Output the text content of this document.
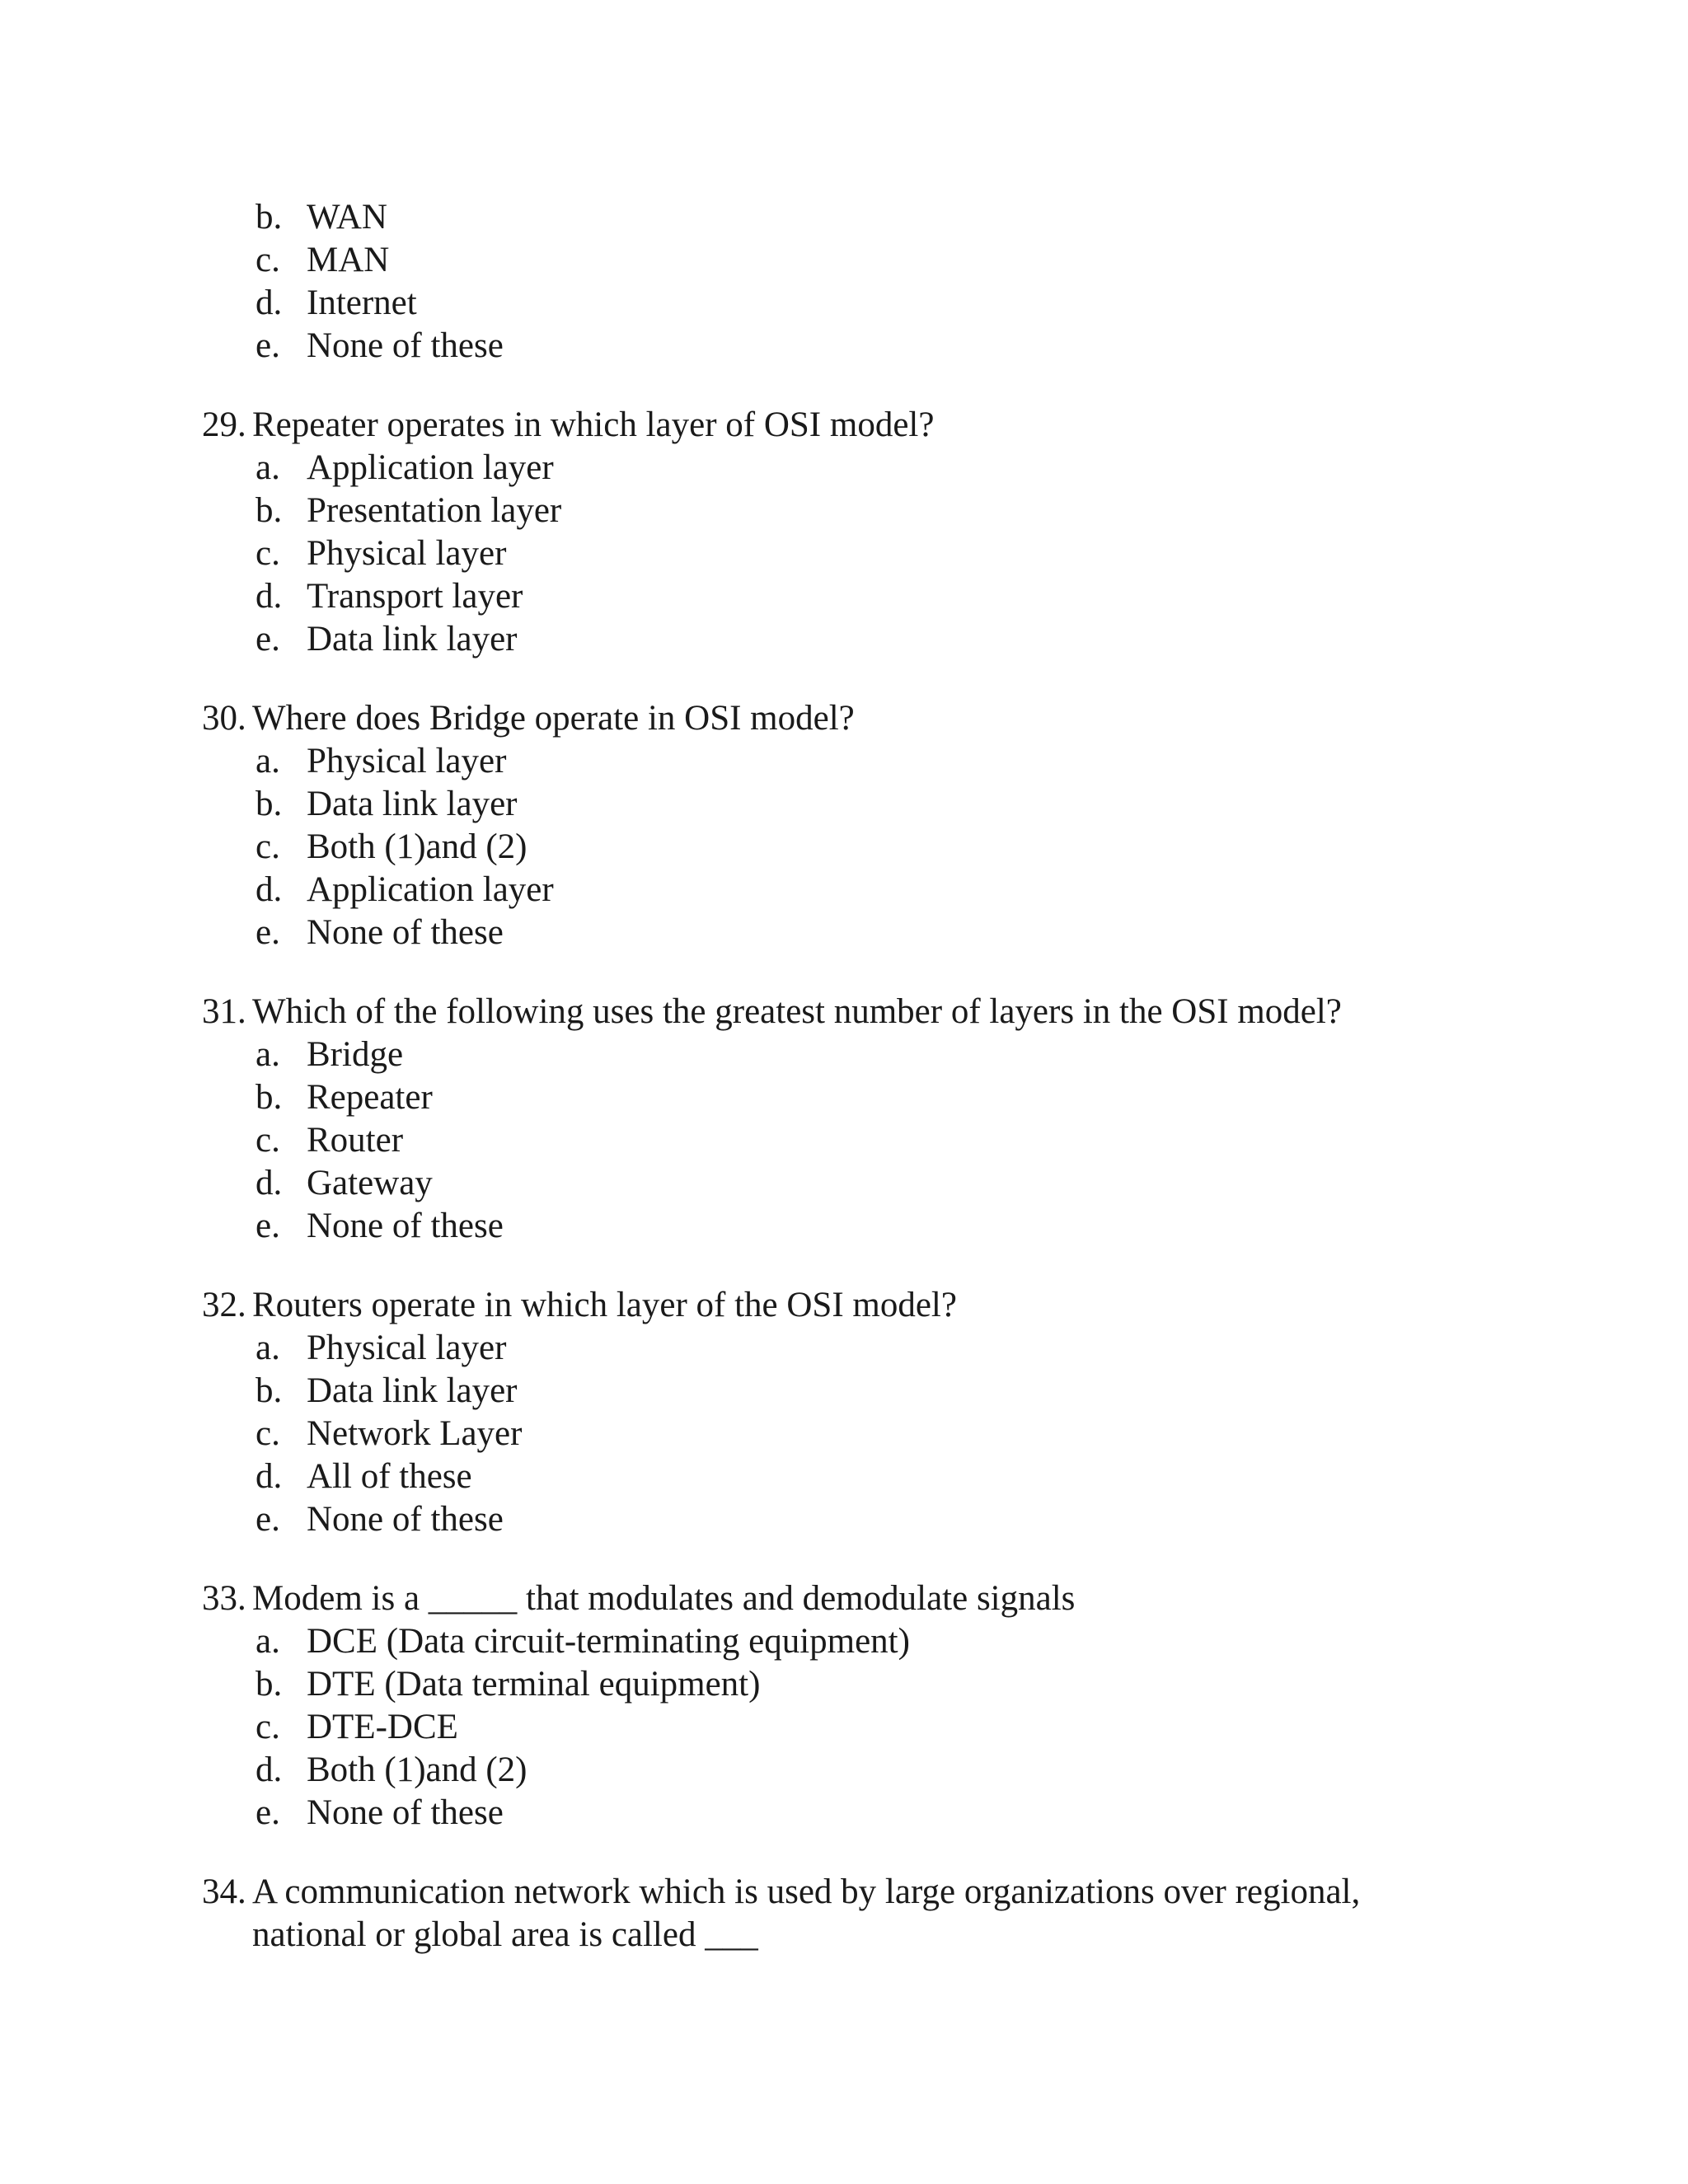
b. WAN
c. MAN
d. Internet
e. None of these
29. Repeater operates in which layer of OSI model?
a. Application layer
b. Presentation layer
c. Physical layer
d. Transport layer
e. Data link layer
30. Where does Bridge operate in OSI model?
a. Physical layer
b. Data link layer
c. Both (1)and (2)
d. Application layer
e. None of these
31. Which of the following uses the greatest number of layers in the OSI model?
a. Bridge
b. Repeater
c. Router
d. Gateway
e. None of these
32. Routers operate in which layer of the OSI model?
a. Physical layer
b. Data link layer
c. Network Layer
d. All of these
e. None of these
33. Modem is a _____ that modulates and demodulate signals
a. DCE (Data circuit-terminating equipment)
b. DTE (Data terminal equipment)
c. DTE-DCE
d. Both (1)and (2)
e. None of these
34. A communication network which is used by large organizations over regional,
national or global area is called ___
